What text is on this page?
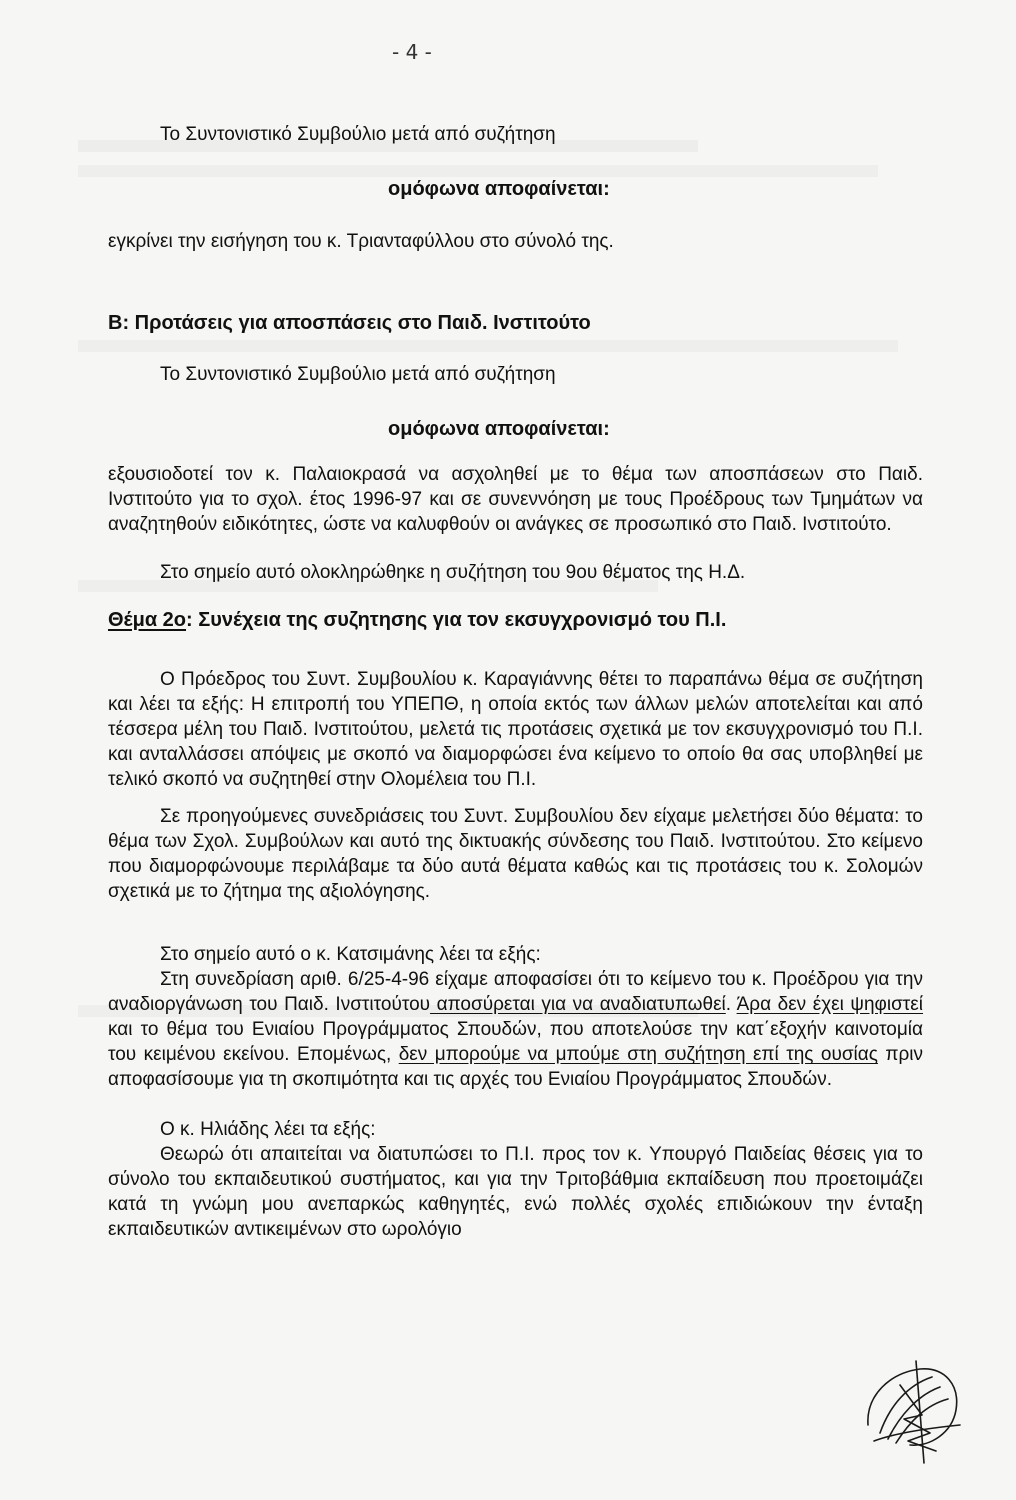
- 4 -

Το Συντονιστικό Συμβούλιο μετά από συζήτηση

ομόφωνα αποφαίνεται:

εγκρίνει την εισήγηση του κ. Τριανταφύλλου στο σύνολό της.

Β: Προτάσεις για αποσπάσεις στο Παιδ. Ινστιτούτο

Το Συντονιστικό Συμβούλιο μετά από συζήτηση

ομόφωνα αποφαίνεται:

εξουσιοδοτεί τον κ. Παλαιοκρασά να ασχοληθεί με το θέμα των αποσπάσεων στο Παιδ. Ινστιτούτο για το σχολ. έτος 1996-97 και σε συνεννόηση με τους Προέδρους των Τμημάτων να αναζητηθούν ειδικότητες, ώστε να καλυφθούν οι ανάγκες σε προσωπικό στο Παιδ. Ινστιτούτο.

Στο σημείο αυτό ολοκληρώθηκε η συζήτηση του 9ου θέματος της Η.Δ.

Θέμα 2ο: Συνέχεια της συζητησης για τον εκσυγχρονισμό του Π.Ι.

Ο Πρόεδρος του Συντ. Συμβουλίου κ. Καραγιάννης θέτει το παραπάνω θέμα σε συζήτηση και λέει τα εξής: Η επιτροπή του ΥΠΕΠΘ, η οποία εκτός των άλλων μελών αποτελείται και από τέσσερα μέλη του Παιδ. Ινστιτούτου, μελετά τις προτάσεις σχετικά με τον εκσυγχρονισμό του Π.Ι. και ανταλλάσσει απόψεις με σκοπό να διαμορφώσει ένα κείμενο το οποίο θα σας υποβληθεί με τελικό σκοπό να συζητηθεί στην Ολομέλεια του Π.Ι.

Σε προηγούμενες συνεδριάσεις του Συντ. Συμβουλίου δεν είχαμε μελετήσει δύο θέματα: το θέμα των Σχολ. Συμβούλων και αυτό της δικτυακής σύνδεσης του Παιδ. Ινστιτούτου. Στο κείμενο που διαμορφώνουμε περιλάβαμε τα δύο αυτά θέματα καθώς και τις προτάσεις του κ. Σολομών σχετικά με το ζήτημα της αξιολόγησης.

Στο σημείο αυτό ο κ. Κατσιμάνης λέει τα εξής:

Στη συνεδρίαση αριθ. 6/25-4-96 είχαμε αποφασίσει ότι το κείμενο του κ. Προέδρου για την αναδιοργάνωση του Παιδ. Ινστιτούτου αποσύρεται για να αναδιατυπωθεί. Άρα δεν έχει ψηφιστεί και το θέμα του Ενιαίου Προγράμματος Σπουδών, που αποτελούσε την κατ΄εξοχήν καινοτομία του κειμένου εκείνου. Επομένως, δεν μπορούμε να μπούμε στη συζήτηση επί της ουσίας πριν αποφασίσουμε για τη σκοπιμότητα και τις αρχές του Ενιαίου Προγράμματος Σπουδών.

Ο κ. Ηλιάδης λέει τα εξής:

Θεωρώ ότι απαιτείται να διατυπώσει το Π.Ι. προς τον κ. Υπουργό Παιδείας θέσεις για το σύνολο του εκπαιδευτικού συστήματος, και για την Τριτοβάθμια εκπαίδευση που προετοιμάζει κατά τη γνώμη μου ανεπαρκώς καθηγητές, ενώ πολλές σχολές επιδιώκουν την ένταξη εκπαιδευτικών αντικειμένων στο ωρολόγιο
